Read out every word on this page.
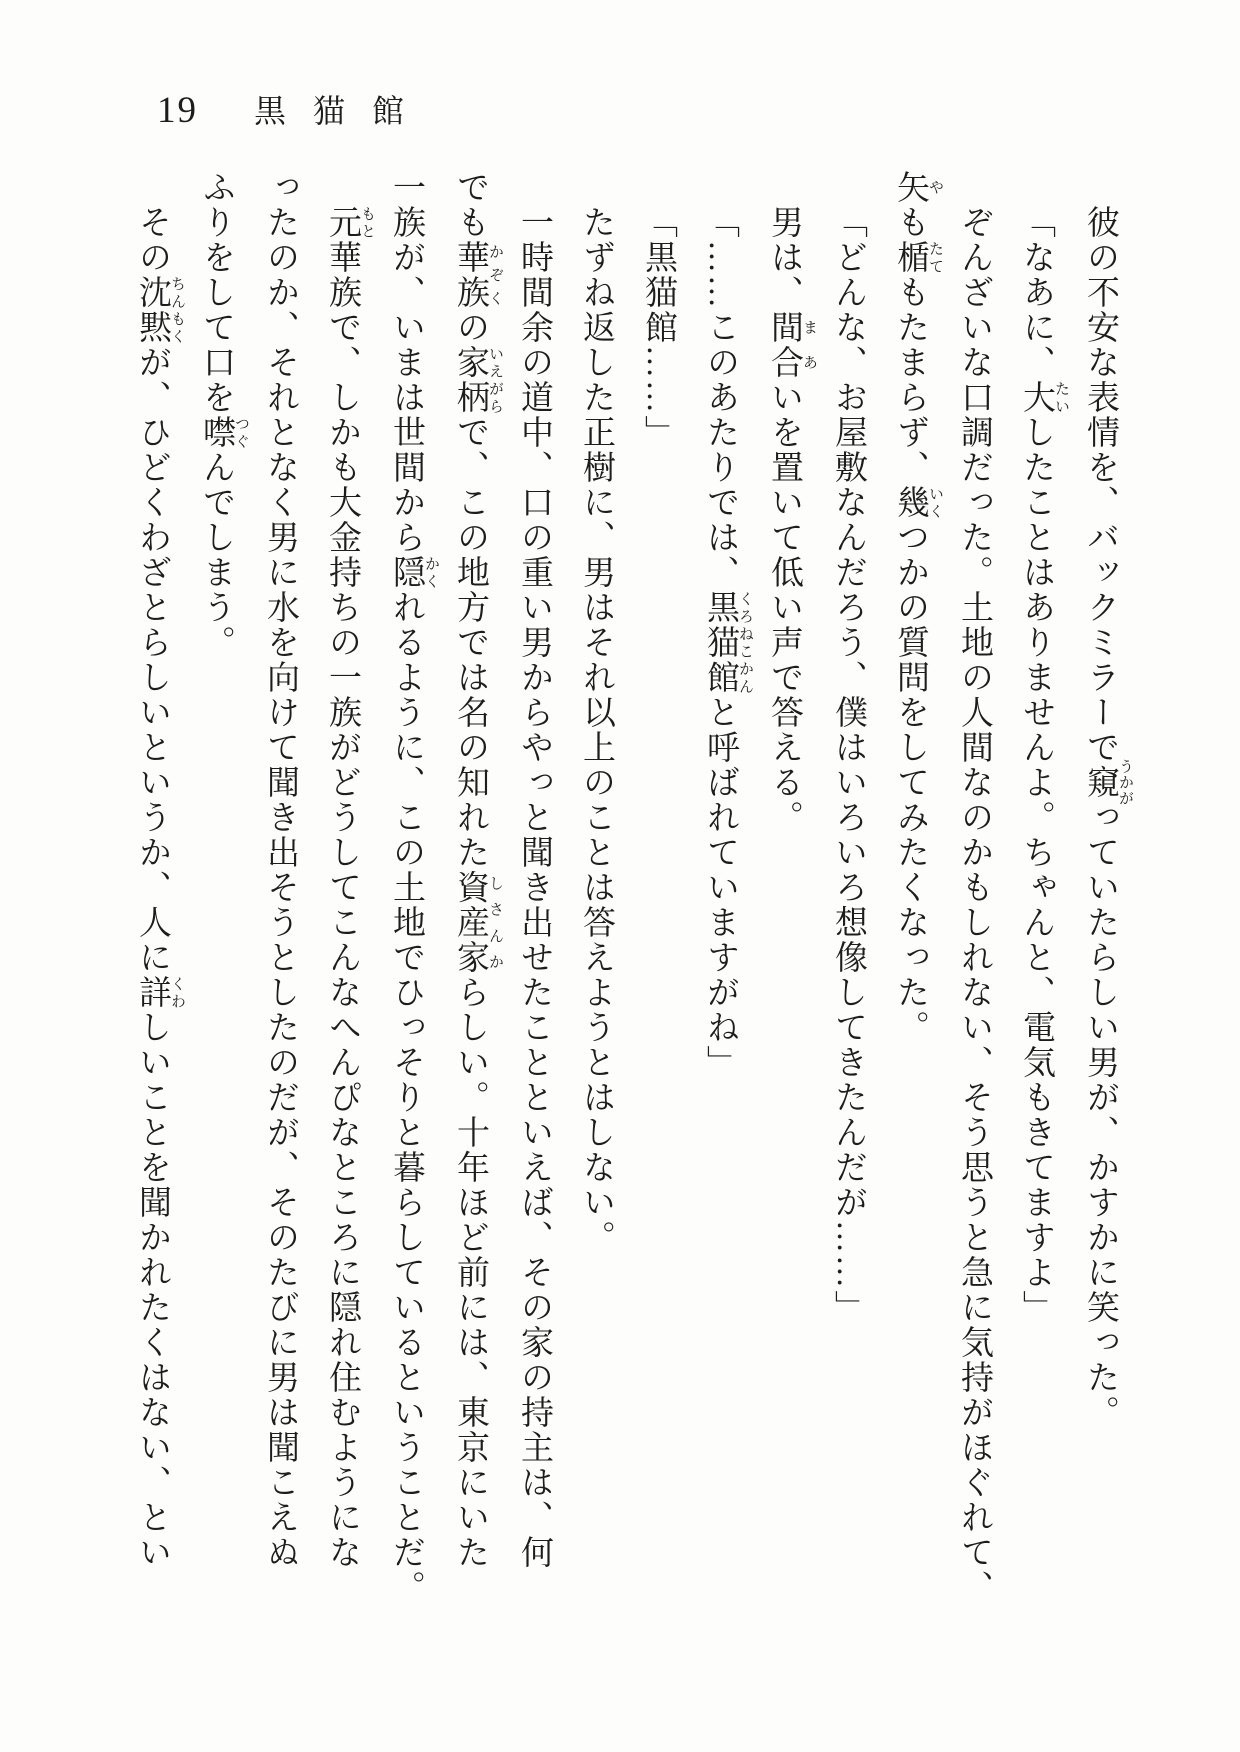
19 黒猫館
彼の不安な表情を、バックミラーで窺 うかがっていたらしい男が、かすかに笑った。
「なあに、大 たいしたことはありませんよ。ちゃんと、電気もきてますよ」
ぞんざいな口調だった。土地の人間なのかもしれない、そう思うと急に気持がほぐれて、
矢 やも楯 たてもたまらず、幾 いくつかの質問をしてみたくなった。
「どんな、お屋敷なんだろう、僕はいろいろ想像してきたんだが……」
男は、間合 まあいを置いて低い声で答える。
「……このあたりでは、黒猫館 くろねこかんと呼ばれていますがね」
「黒猫館……」
たずね返した正樹に、男はそれ以上のことは答えようとはしない。
一時間余の道中、口の重い男からやっと聞き出せたことといえば、その家の持主は、何
でも華族 かぞくの家柄 いえがらで、この地方では名の知れた資産家 しさんからしい。十年ほど前には、東京にいた
一族が、いまは世間から隠 かくれるように、この土地でひっそりと暮らしているということだ。
元 もと華族で、しかも大金持ちの一族がどうしてこんなへんぴなところに隠れ住むようにな
ったのか、それとなく男に水を向けて聞き出そうとしたのだが、そのたびに男は聞こえぬ
ふりをして口を噤 つぐんでしまう。
その沈黙 ちんもくが、ひどくわざとらしいというか、人に詳 くわしいことを聞かれたくはない、とい
